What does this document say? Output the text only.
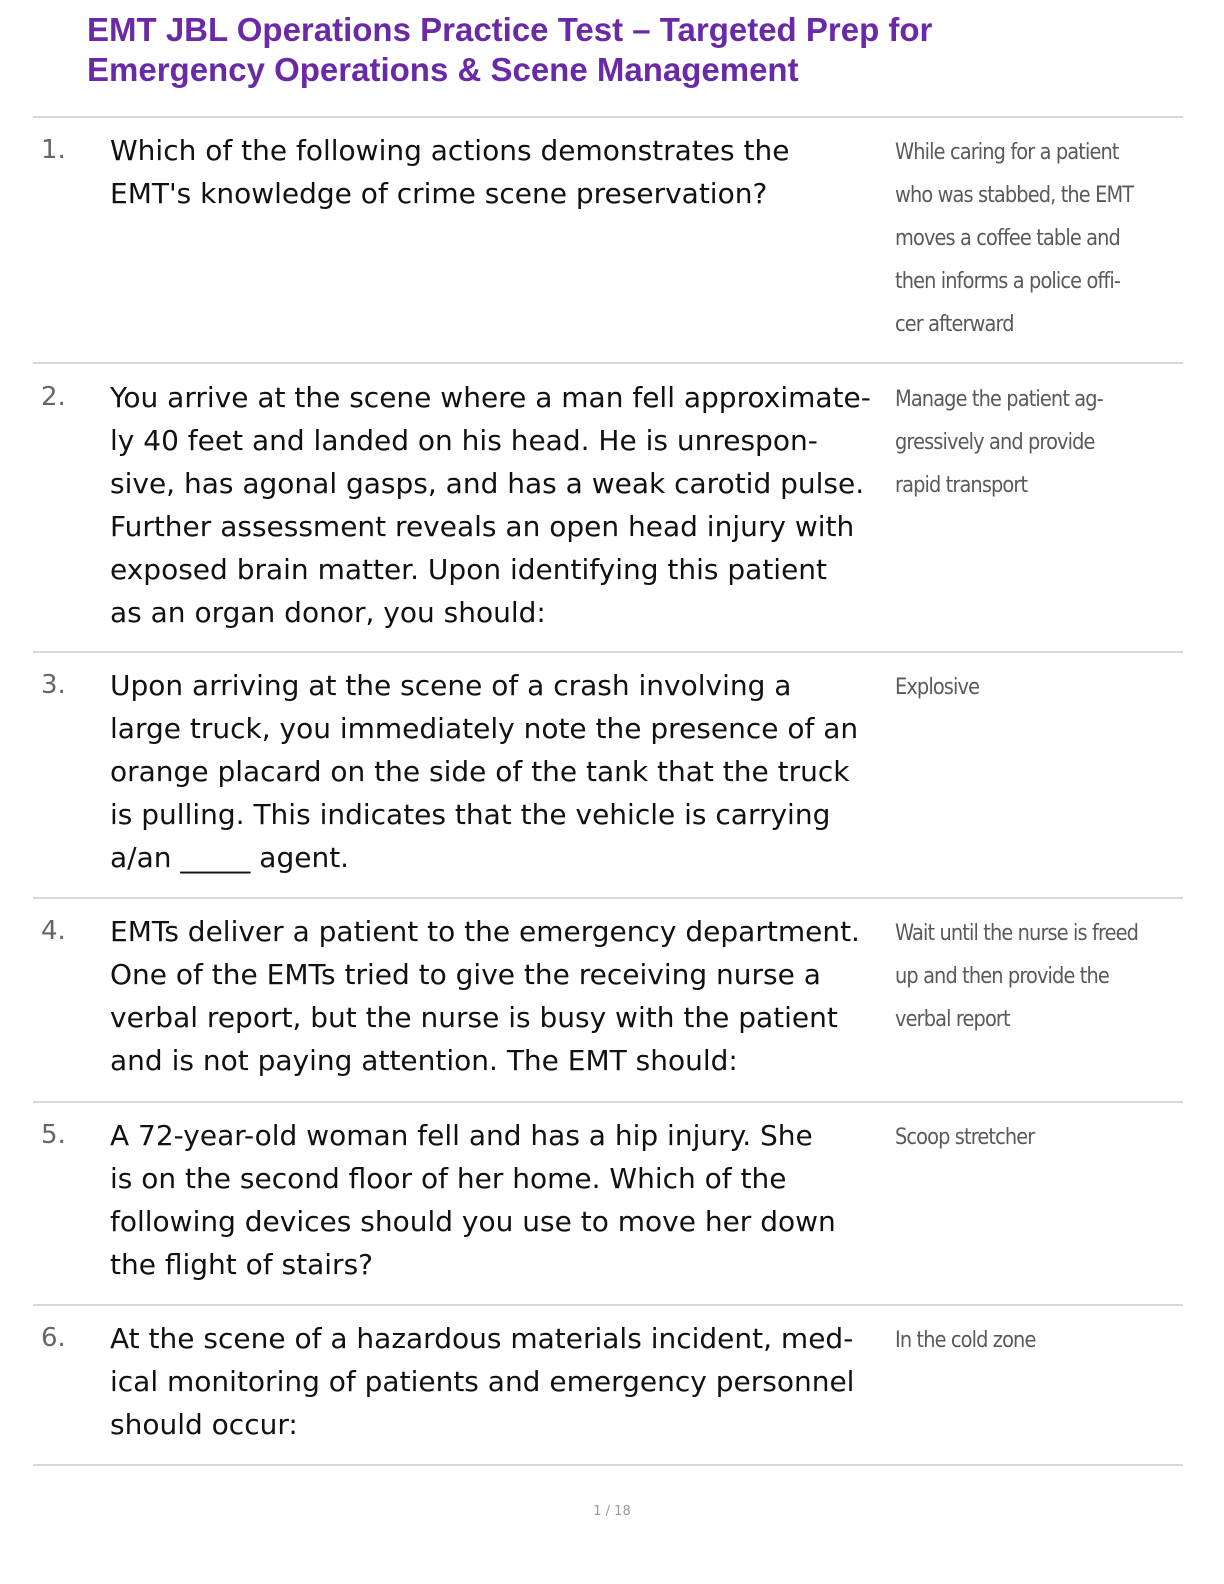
EMT JBL Operations Practice Test – Targeted Prep for
Emergency Operations & Scene Management
1. Which of the following actions demonstrates the
EMT's knowledge of crime scene preservation?

While caring for a patient
who was stabbed, the EMT
moves a coffee table and
then informs a police offi-
cer afterward

2. You arrive at the scene where a man fell approximate-
ly 40 feet and landed on his head. He is unrespon-
sive, has agonal gasps, and has a weak carotid pulse.
Further assessment reveals an open head injury with
exposed brain matter. Upon identifying this patient
as an organ donor, you should:

Manage the patient ag-
gressively and provide
rapid transport

3. Upon arriving at the scene of a crash involving a
large truck, you immediately note the presence of an
orange placard on the side of the tank that the truck
is pulling. This indicates that the vehicle is carrying
a/an _____ agent.

Explosive

4. EMTs deliver a patient to the emergency department.
One of the EMTs tried to give the receiving nurse a
verbal report, but the nurse is busy with the patient
and is not paying attention. The EMT should:

Wait until the nurse is freed
up and then provide the
verbal report

5. A 72-year-old woman fell and has a hip injury. She
is on the second floor of her home. Which of the
following devices should you use to move her down
the flight of stairs?

Scoop stretcher

6. At the scene of a hazardous materials incident, med-
ical monitoring of patients and emergency personnel
should occur:

In the cold zone

1 / 18
